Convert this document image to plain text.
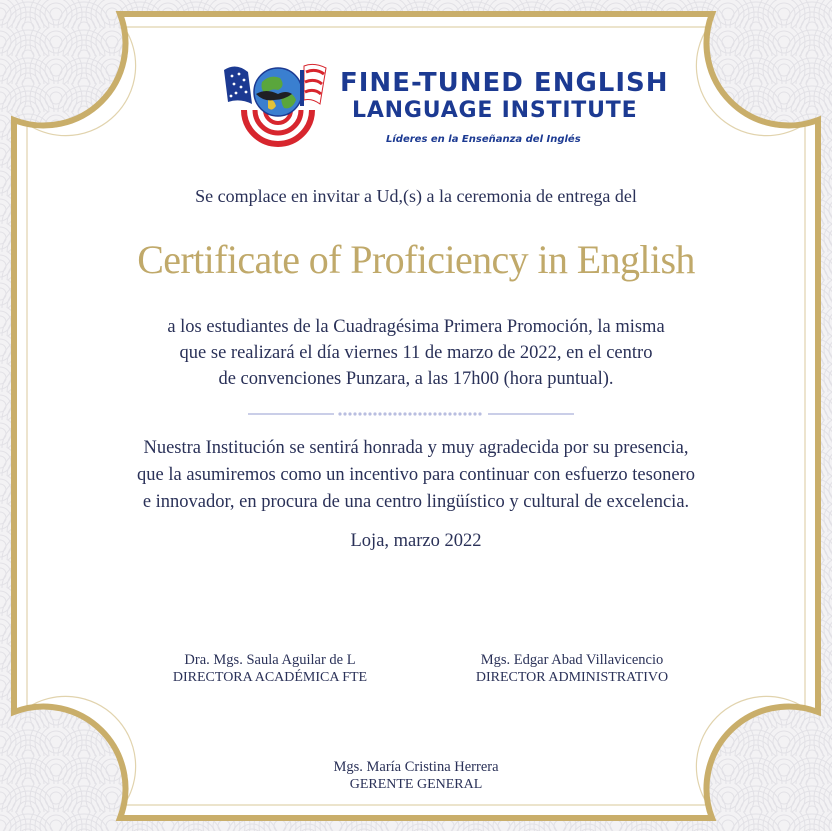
FINE-TUNED ENGLISH
LANGUAGE INSTITUTE
Líderes en la Enseñanza del Inglés
Se complace en invitar a Ud,(s) a la ceremonia de entrega del
Certificate of Proficiency in English
a los estudiantes de la Cuadragésima Primera Promoción, la misma
que se realizará el día viernes 11 de marzo de 2022, en el centro
de convenciones Punzara, a las 17h00 (hora puntual).
Nuestra Institución se sentirá honrada y muy agradecida por su presencia,
que la asumiremos como un incentivo para continuar con esfuerzo tesonero
e innovador, en procura de una centro lingüístico y cultural de excelencia.
Loja, marzo 2022
Dra. Mgs. Saula Aguilar de L
DIRECTORA ACADÉMICA FTE
Mgs. Edgar Abad Villavicencio
DIRECTOR ADMINISTRATIVO
Mgs. María Cristina Herrera
GERENTE GENERAL
